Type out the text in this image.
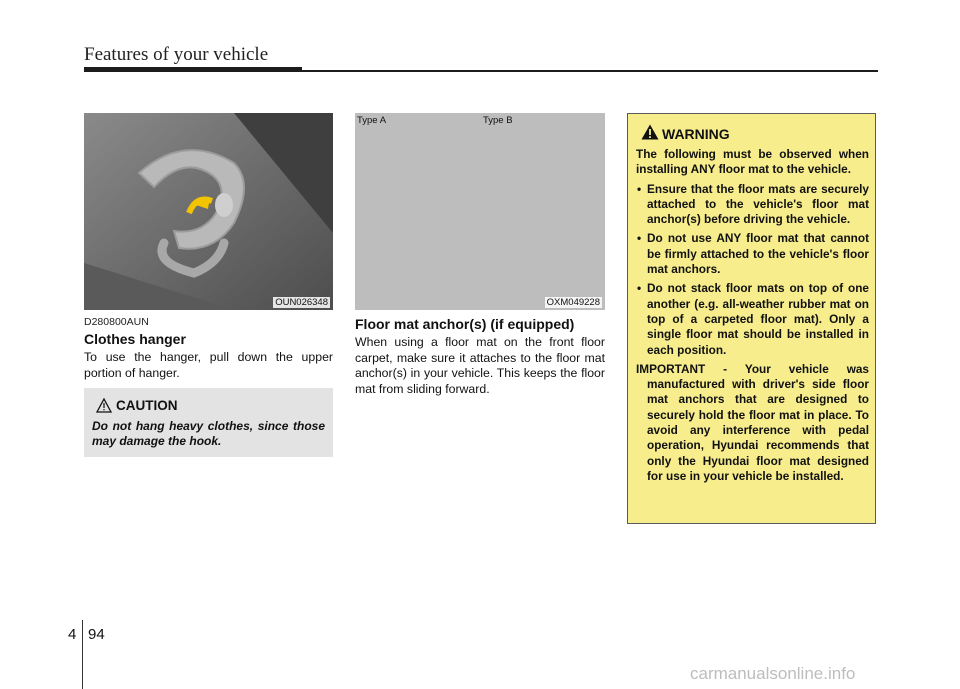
Features of your vehicle
OUN026348
D280800AUN
Clothes hanger
To use the hanger, pull down the upper portion of hanger.
CAUTION
Do not hang heavy clothes, since those may damage the hook.
Type A	Type B
OXM049228
Floor mat anchor(s) (if equipped)
When using a floor mat on the front floor carpet, make sure it attaches to the floor mat anchor(s) in your vehicle. This keeps the floor mat from sliding forward.
WARNING
The following must be observed when installing ANY floor mat to the vehicle.
• Ensure that the floor mats are securely attached to the vehicle's floor mat anchor(s) before driving the vehicle.
• Do not use ANY floor mat that cannot be firmly attached to the vehicle's floor mat anchors.
• Do not stack floor mats on top of one another (e.g. all-weather rubber mat on top of a carpeted floor mat). Only a single floor mat should be installed in each position.
IMPORTANT - Your vehicle was manufactured with driver's side floor mat anchors that are designed to securely hold the floor mat in place. To avoid any interference with pedal operation, Hyundai recommends that only the Hyundai floor mat designed for use in your vehicle be installed.
4 94
carmanualsonline.info
